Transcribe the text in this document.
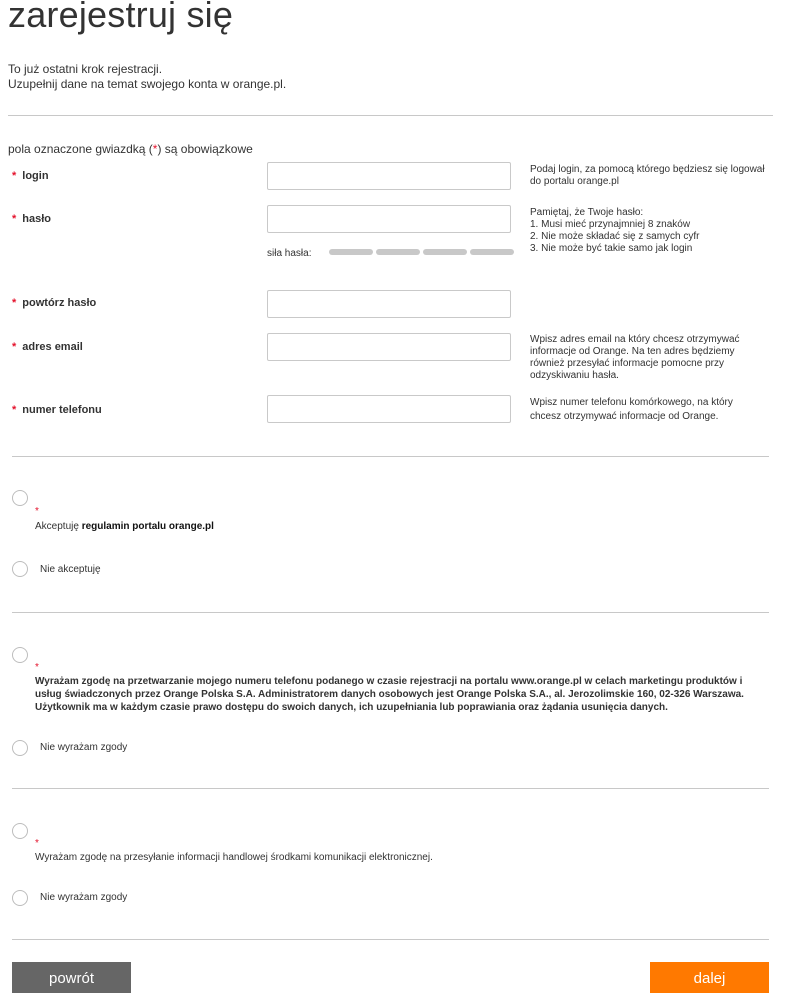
zarejestruj się
To już ostatni krok rejestracji.
Uzupełnij dane na temat swojego konta w orange.pl.
pola oznaczone gwiazdką (*) są obowiązkowe
* login
Podaj login, za pomocą którego będziesz się logował do portalu orange.pl
* hasło
siła hasła:
Pamiętaj, że Twoje hasło:
1. Musi mieć przynajmniej 8 znaków
2. Nie może składać się z samych cyfr
3. Nie może być takie samo jak login
* powtórz hasło
* adres email
Wpisz adres email na który chcesz otrzymywać informacje od Orange. Na ten adres będziemy również przesyłać informacje pomocne przy odzyskiwaniu hasła.
* numer telefonu
Wpisz numer telefonu komórkowego, na który chcesz otrzymywać informacje od Orange.
*
Akceptuję regulamin portalu orange.pl
Nie akceptuję
*
Wyrażam zgodę na przetwarzanie mojego numeru telefonu podanego w czasie rejestracji na portalu www.orange.pl w celach marketingu produktów i usług świadczonych przez Orange Polska S.A. Administratorem danych osobowych jest Orange Polska S.A., al. Jerozolimskie 160, 02-326 Warszawa. Użytkownik ma w każdym czasie prawo dostępu do swoich danych, ich uzupełniania lub poprawiania oraz żądania usunięcia danych.
Nie wyrażam zgody
*
Wyrażam zgodę na przesyłanie informacji handlowej środkami komunikacji elektronicznej.
Nie wyrażam zgody
powrót	dalej
